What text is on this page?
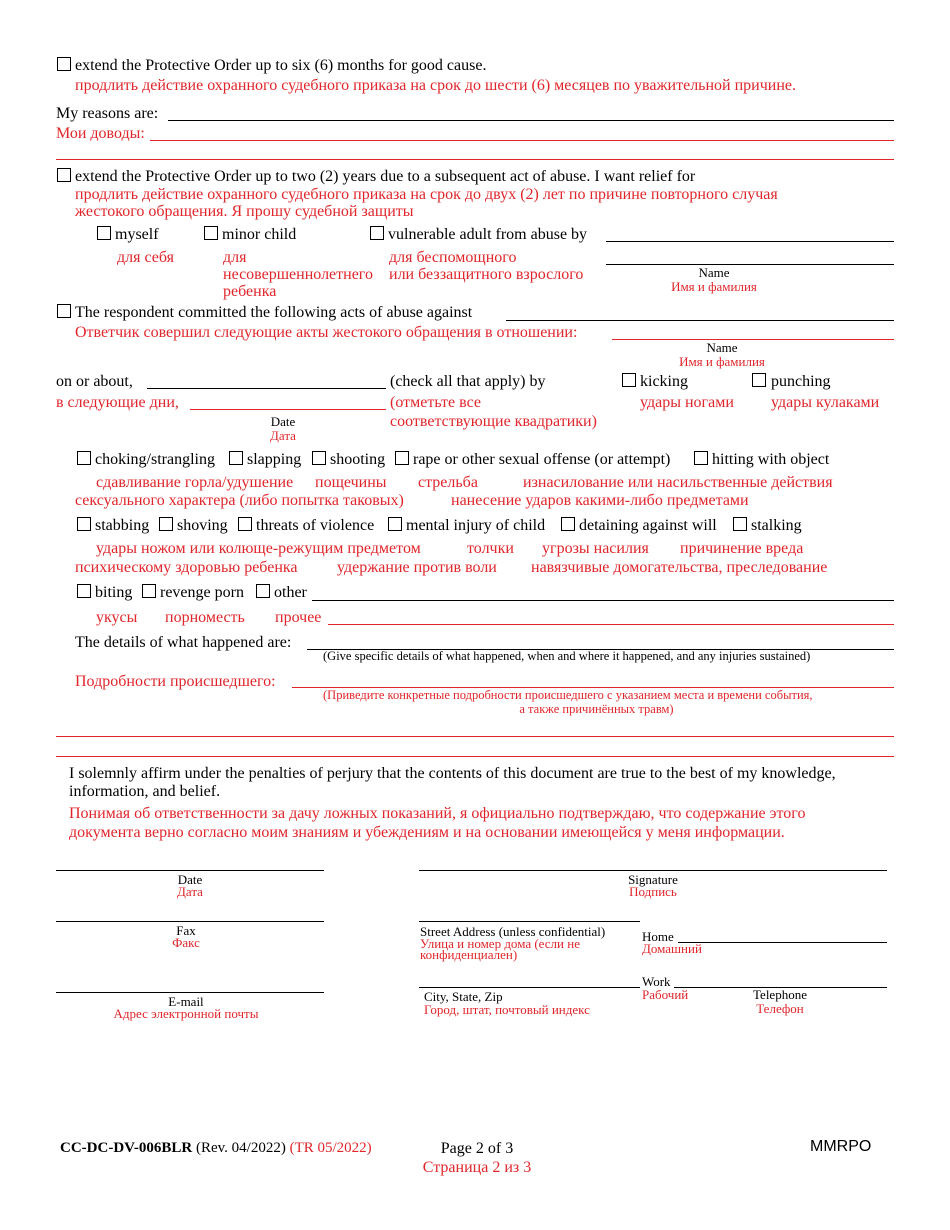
extend the Protective Order up to six (6) months for good cause.
продлить действие охранного судебного приказа на срок до шести (6) месяцев по уважительной причине.
My reasons are:
Мои доводы:
extend the Protective Order up to two (2) years due to a subsequent act of abuse. I want relief for
продлить действие охранного судебного приказа на срок до двух (2) лет по причине повторного случая
жестокого обращения. Я прошу судебной защиты
myself	minor child	vulnerable adult from abuse by
для себя	для
несовершеннолетнего
ребенка
для беспомощного
или беззащитного взрослого	Name
Имя и фамилия
The respondent committed the following acts of abuse against
Ответчик совершил следующие акты жестокого обращения в отношении:
Name
Имя и фамилия
on or about,	(check all that apply) by	kicking	punching
в следующие дни,	(отметьте все
соответствующие квадратики)
удары ногами удары кулаками
Date
Дата
choking/strangling slapping shooting rape or other sexual offense (or attempt)	hitting with object
сдавливание горла/удушение пощечины стрельба	изнасилование или насильственные действия
сексуального характера (либо попытка таковых)	нанесение ударов какими-либо предметами
stabbing shoving threats of violence mental injury of child detaining against will stalking
удары ножом или колюще-режущим предметом	толчки угрозы насилия причинение вреда
психическому здоровью ребенка удержание против воли навязчивые домогательства, преследование
biting revenge porn other
укусы порноместь прочее
The details of what happened are:
(Give specific details of what happened, when and where it happened, and any injuries sustained)
Подробности происшедшего:
(Приведите конкретные подробности происшедшего с указанием места и времени события,
а также причинённых травм)
I solemnly affirm under the penalties of perjury that the contents of this document are true to the best of my knowledge,
information, and belief.
Понимая об ответственности за дачу ложных показаний, я официально подтверждаю, что содержание этого
документа верно согласно моим знаниям и убеждениям и на основании имеющейся у меня информации.
Date
Дата
Fax
Факс
E-mail
Адрес электронной почты
Signature
Подпись
Street Address (unless confidential)
Улица и номер дома (если не
конфиденциален)
Home
Домашний
Work
Рабочий
City, State, Zip
Город, штат, почтовый индекс
Telephone
Телефон
CC-DC-DV-006BLR (Rev. 04/2022) (TR 05/2022)	Page 2 of 3
Страница 2 из 3
MMRPO
